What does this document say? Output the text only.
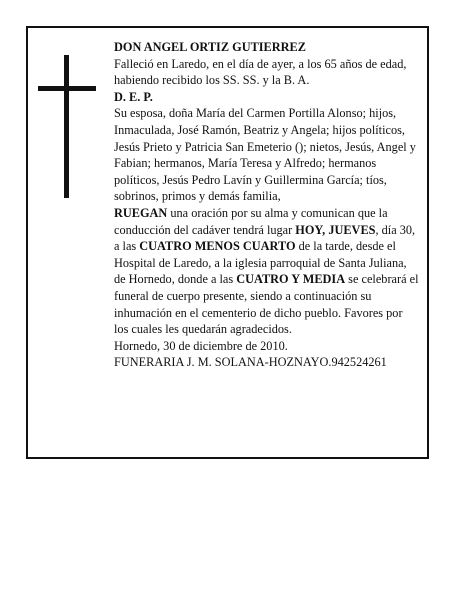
DON ANGEL ORTIZ GUTIERREZ

Falleció en Laredo, en el día de ayer, a los 65 años de edad, habiendo recibido los SS. SS. y la B. A.

D. E. P.

Su esposa, doña María del Carmen Portilla Alonso; hijos, Inmaculada, José Ramón, Beatriz y Angela; hijos políticos, Jesús Prieto y Patricia San Emeterio (); nietos, Jesús, Angel y Fabian; hermanos, María Teresa y Alfredo; hermanos políticos, Jesús Pedro Lavín y Guillermina García; tíos, sobrinos, primos y demás familia,

RUEGAN una oración por su alma y comunican que la conducción del cadáver tendrá lugar HOY, JUEVES, día 30, a las CUATRO MENOS CUARTO de la tarde, desde el Hospital de Laredo, a la iglesia parroquial de Santa Juliana, de Hornedo, donde a las CUATRO Y MEDIA se celebrará el funeral de cuerpo presente, siendo a continuación su inhumación en el cementerio de dicho pueblo. Favores por los cuales les quedarán agradecidos.

Hornedo, 30 de diciembre de 2010.

FUNERARIA J. M. SOLANA-HOZNAYO.942524261
